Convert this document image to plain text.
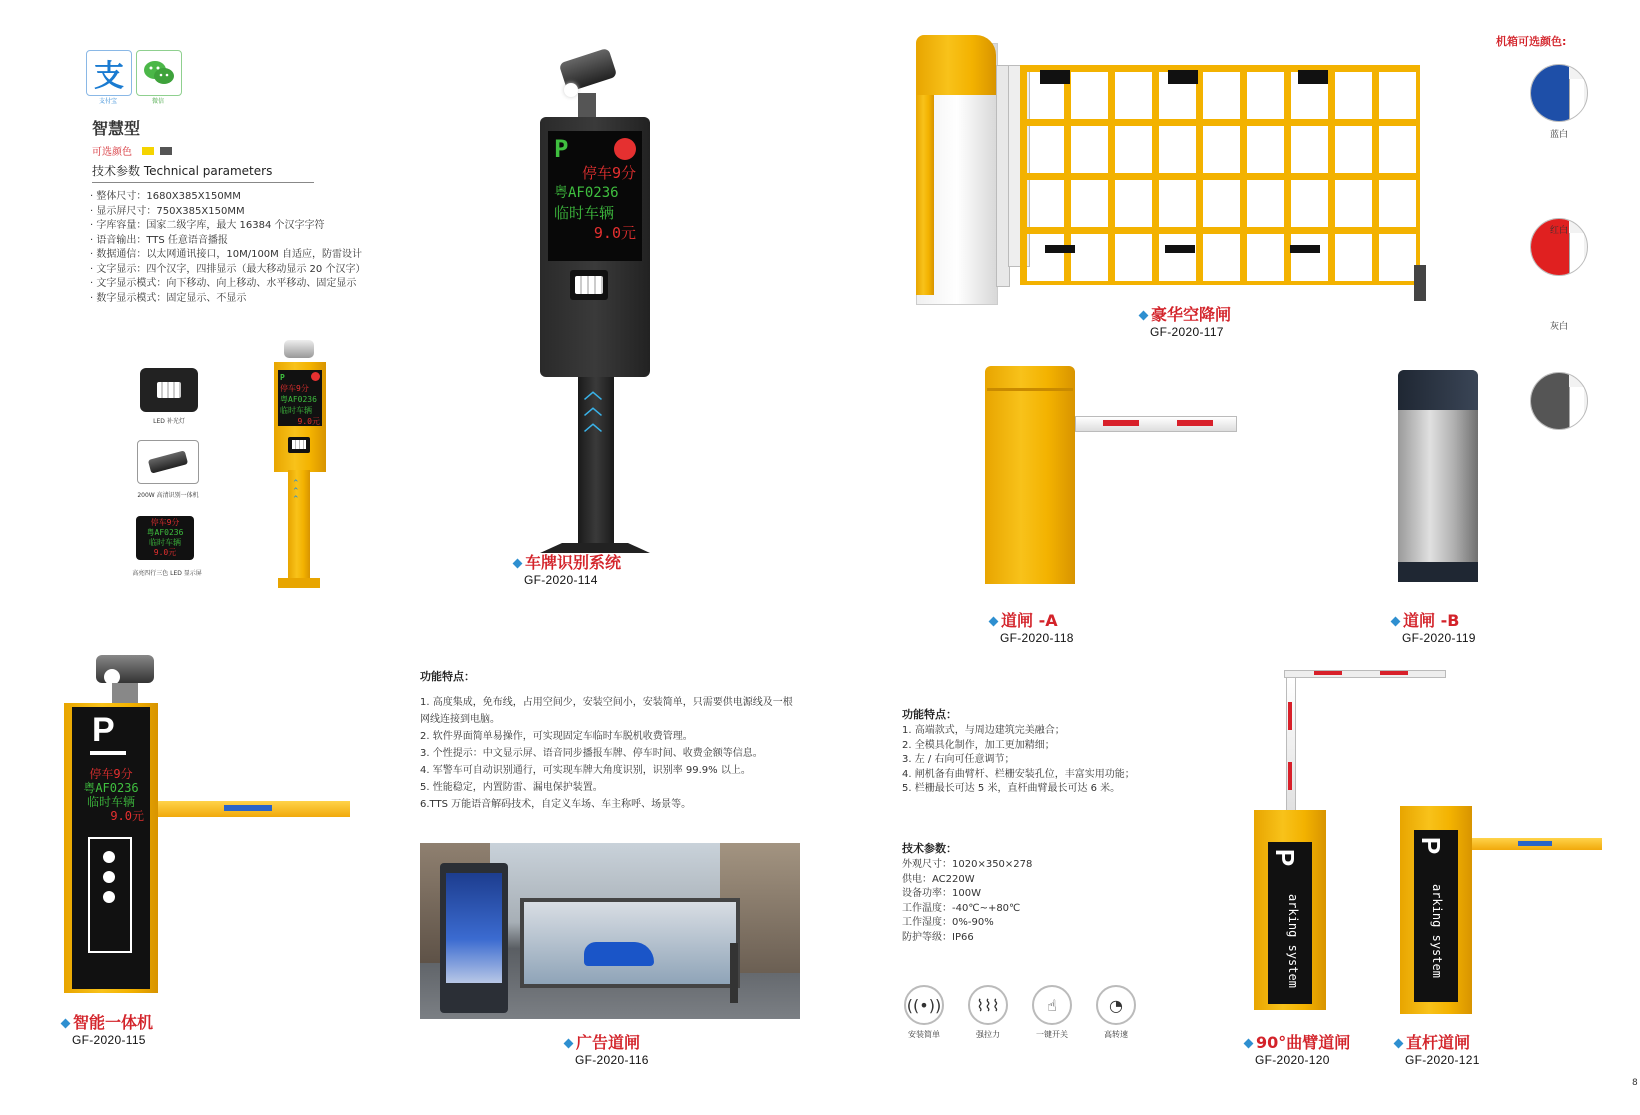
支
支付宝	微信
智慧型
可选颜色
技术参数 Technical parameters
· 整体尺寸：1680X385X150MM
· 显示屏尺寸：750X385X150MM
· 字库容量：国家二级字库，最大 16384 个汉字字符
· 语音输出：TTS 任意语音播报
· 数据通信：以太网通讯接口，10M/100M 自适应，防雷设计
· 文字显示：四个汉字，四排显示（最大移动显示 20 个汉字）
· 文字显示模式：向下移动、向上移动、水平移动、固定显示
· 数字显示模式：固定显示、不显示
LED 补光灯
200W 高清识别一体机
停车9分
粤AF0236
临时车辆
9.0元
高亮四行三色 LED 显示屏
P
停车9分
粤AF0236
临时车辆
9.0元
⌃
⌃
⌃
P
停车9分
粤AF0236
临时车辆
9.0元
︿
︿
︿
车牌识别系统
GF-2020-114
豪华空降闸
GF-2020-117
机箱可选颜色:
蓝白
红白
灰白
道闸 -A
GF-2020-118
道闸 -B
GF-2020-119
P
停车9分
粤AF0236
临时车辆
9.0元
智能一体机
GF-2020-115
功能特点：
1. 高度集成，免布线，占用空间少，安装空间小，安装简单，只需要供电源线及一根
网线连接到电脑。
2. 软件界面简单易操作，可实现固定车临时车脱机收费管理。
3. 个性提示：中文显示屏、语音同步播报车牌、停车时间、收费金额等信息。
4. 军警车可自动识别通行，可实现车牌大角度识别，识别率 99.9% 以上。
5. 性能稳定，内置防雷、漏电保护装置。
6.TTS 万能语音解码技术，自定义车场、车主称呼、场景等。
广告道闸
GF-2020-116
功能特点：
1. 高端款式，与周边建筑完美融合；
2. 全模具化制作，加工更加精细；
3. 左 / 右向可任意调节；
4. 闸机备有曲臂杆、栏栅安装孔位，丰富实用功能；
5. 栏栅最长可达 5 米，直杆曲臂最长可达 6 米。
技术参数：
外观尺寸：1020×350×278
供电：AC220W
设备功率：100W
工作温度：-40℃~+80℃
工作湿度：0%-90%
防护等级：IP66
((•))
安装简单
⌇⌇⌇
强拉力
☝
一键开关
◔
高转速
P
arking system
90°曲臂道闸
GF-2020-120
P
arking system
直杆道闸
GF-2020-121
8
